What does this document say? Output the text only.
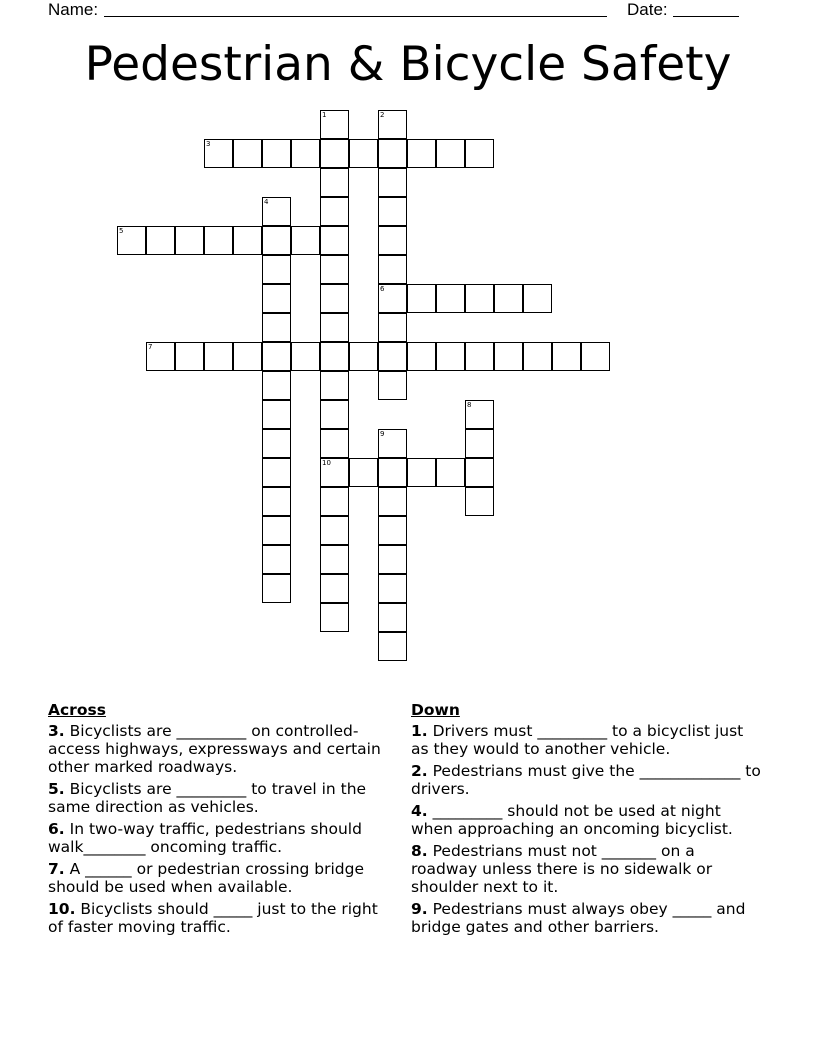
Name:	Date:
Pedestrian & Bicycle Safety
1	2
3
4
5
6
7
8
9
10
Across
3. Bicyclists are _________ on controlled-access highways, expressways and certain other marked roadways.
5. Bicyclists are _________ to travel in the same direction as vehicles.
6. In two-way traffic, pedestrians should walk________ oncoming traffic.
7. A ______ or pedestrian crossing bridge should be used when available.
10. Bicyclists should _____ just to the right of faster moving traffic.
Down
1. Drivers must _________ to a bicyclist just as they would to another vehicle.
2. Pedestrians must give the _____________ to drivers.
4. _________ should not be used at night when approaching an oncoming bicyclist.
8. Pedestrians must not _______ on a roadway unless there is no sidewalk or shoulder next to it.
9. Pedestrians must always obey _____ and bridge gates and other barriers.
